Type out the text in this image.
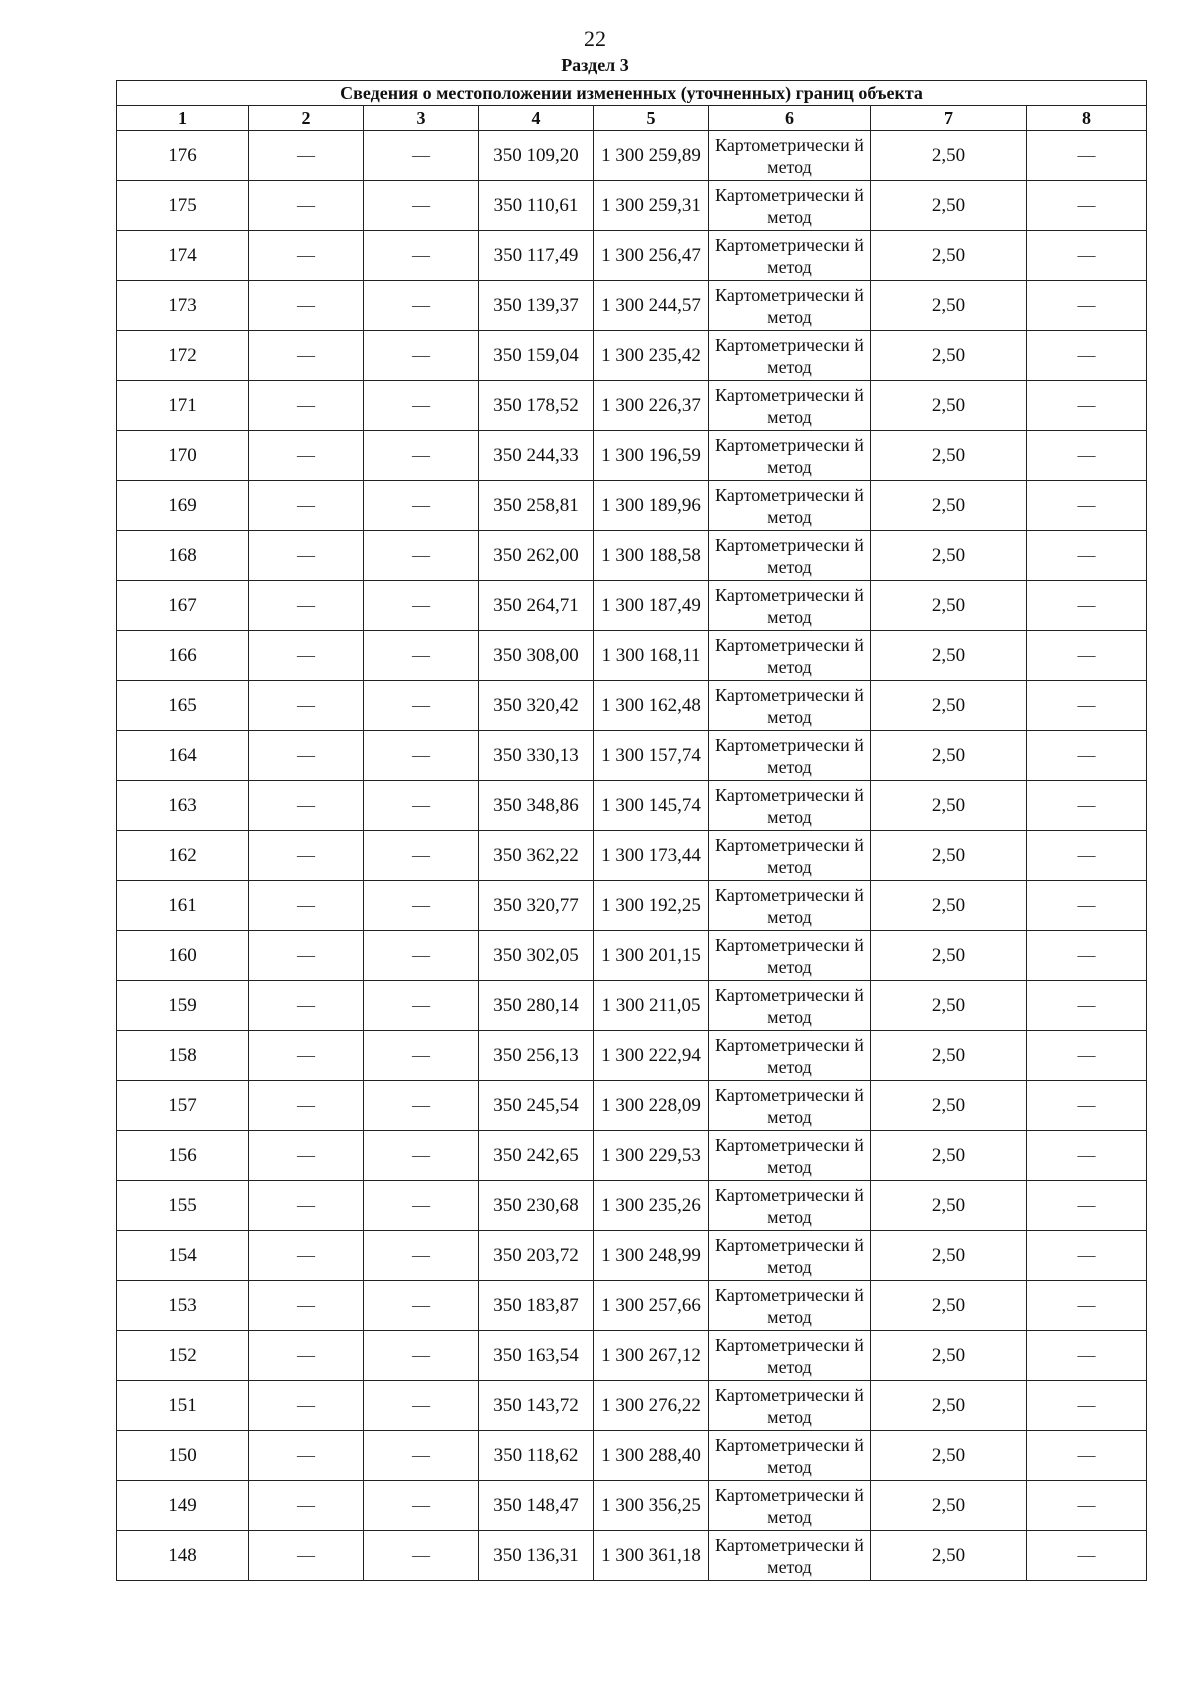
22
Раздел 3
Сведения о местоположении измененных (уточненных) границ объекта							
1	2	3	4	5	6	7	8
176	—	—	350 109,20	1 300 259,89	Картометрически й метод	2,50	—
175	—	—	350 110,61	1 300 259,31	Картометрически й метод	2,50	—
174	—	—	350 117,49	1 300 256,47	Картометрически й метод	2,50	—
173	—	—	350 139,37	1 300 244,57	Картометрически й метод	2,50	—
172	—	—	350 159,04	1 300 235,42	Картометрически й метод	2,50	—
171	—	—	350 178,52	1 300 226,37	Картометрически й метод	2,50	—
170	—	—	350 244,33	1 300 196,59	Картометрически й метод	2,50	—
169	—	—	350 258,81	1 300 189,96	Картометрически й метод	2,50	—
168	—	—	350 262,00	1 300 188,58	Картометрически й метод	2,50	—
167	—	—	350 264,71	1 300 187,49	Картометрически й метод	2,50	—
166	—	—	350 308,00	1 300 168,11	Картометрически й метод	2,50	—
165	—	—	350 320,42	1 300 162,48	Картометрически й метод	2,50	—
164	—	—	350 330,13	1 300 157,74	Картометрически й метод	2,50	—
163	—	—	350 348,86	1 300 145,74	Картометрически й метод	2,50	—
162	—	—	350 362,22	1 300 173,44	Картометрически й метод	2,50	—
161	—	—	350 320,77	1 300 192,25	Картометрически й метод	2,50	—
160	—	—	350 302,05	1 300 201,15	Картометрически й метод	2,50	—
159	—	—	350 280,14	1 300 211,05	Картометрически й метод	2,50	—
158	—	—	350 256,13	1 300 222,94	Картометрически й метод	2,50	—
157	—	—	350 245,54	1 300 228,09	Картометрически й метод	2,50	—
156	—	—	350 242,65	1 300 229,53	Картометрически й метод	2,50	—
155	—	—	350 230,68	1 300 235,26	Картометрически й метод	2,50	—
154	—	—	350 203,72	1 300 248,99	Картометрически й метод	2,50	—
153	—	—	350 183,87	1 300 257,66	Картометрически й метод	2,50	—
152	—	—	350 163,54	1 300 267,12	Картометрически й метод	2,50	—
151	—	—	350 143,72	1 300 276,22	Картометрически й метод	2,50	—
150	—	—	350 118,62	1 300 288,40	Картометрически й метод	2,50	—
149	—	—	350 148,47	1 300 356,25	Картометрически й метод	2,50	—
148	—	—	350 136,31	1 300 361,18	Картометрически й метод	2,50	—
